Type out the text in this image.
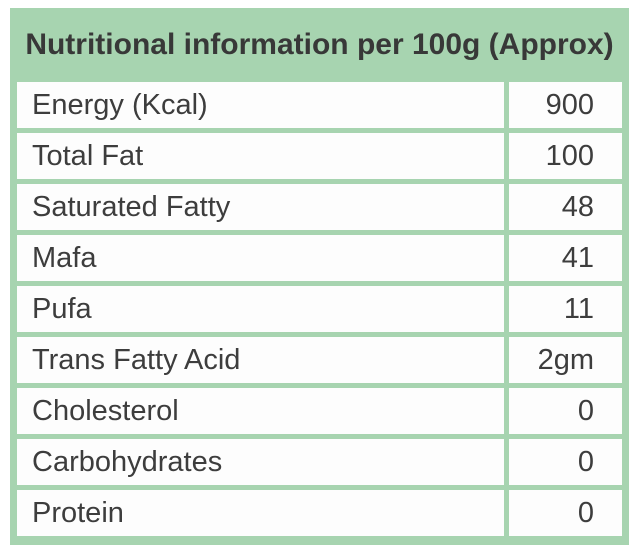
Nutritional information per 100g (Approx)
Energy (Kcal)	900
Total Fat	100
Saturated Fatty	48
Mafa	41
Pufa	11
Trans Fatty Acid	2gm
Cholesterol	0
Carbohydrates	0
Protein	0
